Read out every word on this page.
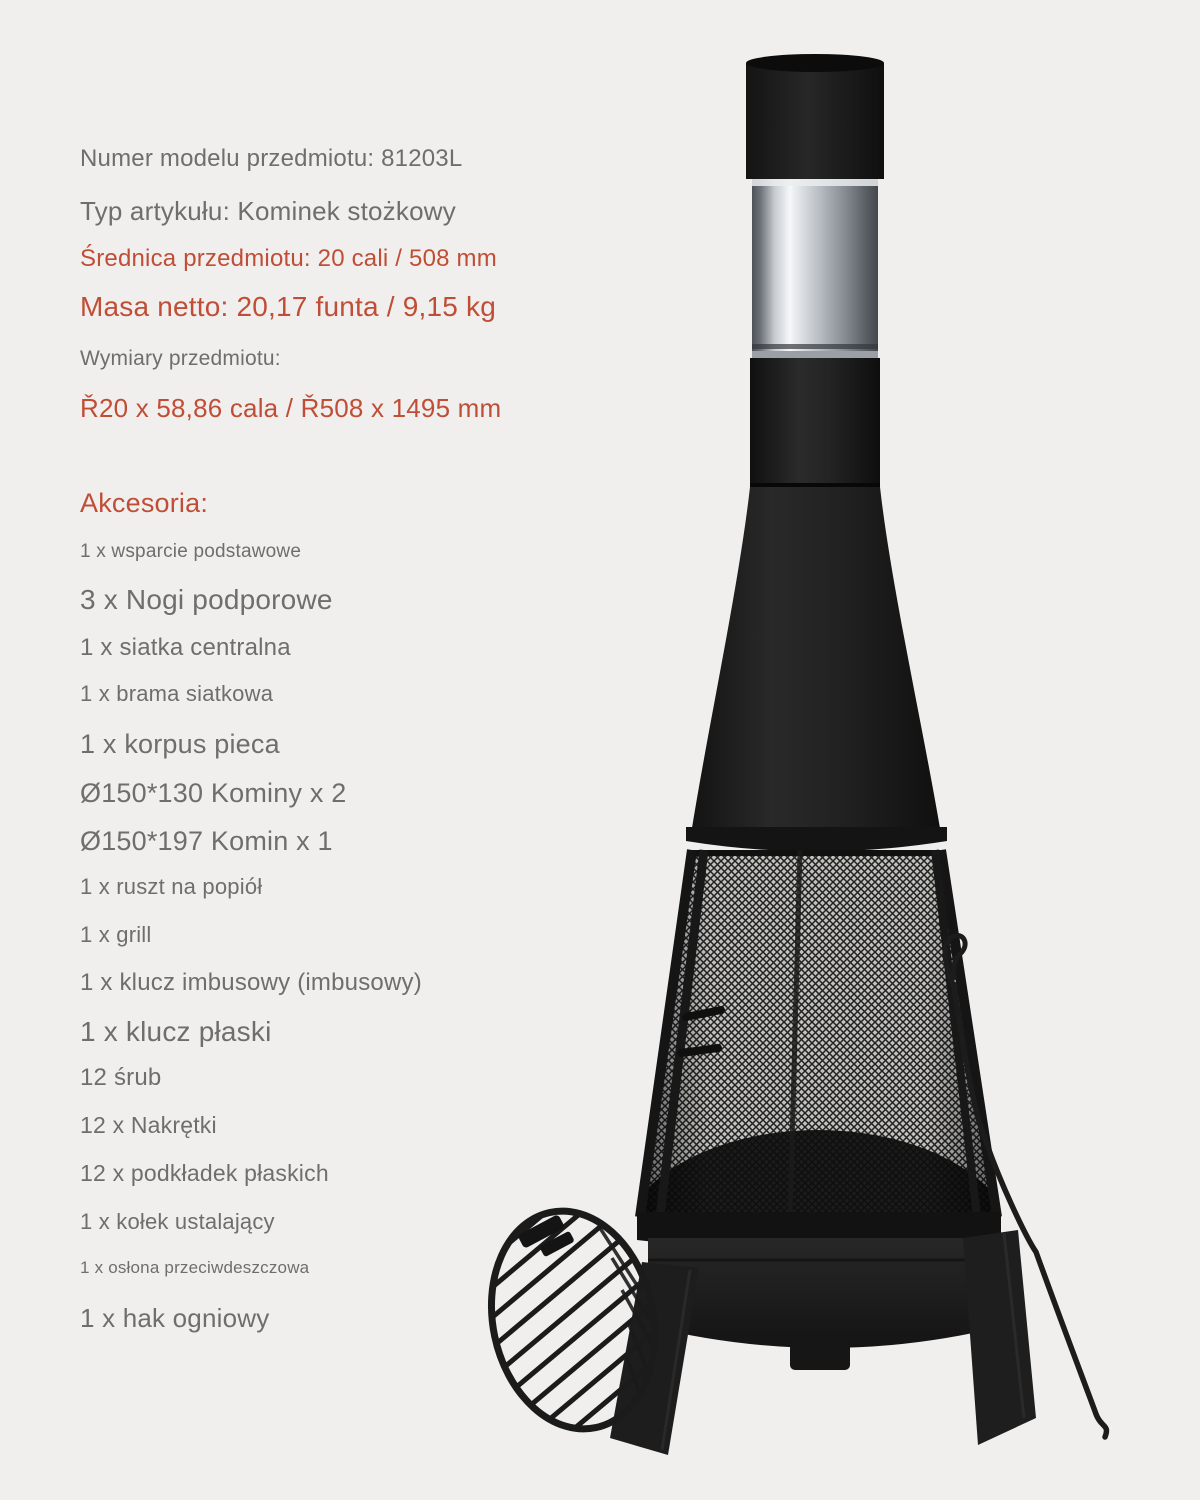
Numer modelu przedmiotu: 81203L
Typ artykułu: Kominek stożkowy
Średnica przedmiotu: 20 cali / 508 mm
Masa netto: 20,17 funta / 9,15 kg
Wymiary przedmiotu:
Ř20 x 58,86 cala / Ř508 x 1495 mm
Akcesoria:
1 x wsparcie podstawowe
3 x Nogi podporowe
1 x siatka centralna
1 x brama siatkowa
1 x korpus pieca
Ø150*130 Kominy x 2
Ø150*197 Komin x 1
1 x ruszt na popiół
1 x grill
1 x klucz imbusowy (imbusowy)
1 x klucz płaski
12 śrub
12 x Nakrętki
12 x podkładek płaskich
1 x kołek ustalający
1 x osłona przeciwdeszczowa
1 x hak ogniowy
